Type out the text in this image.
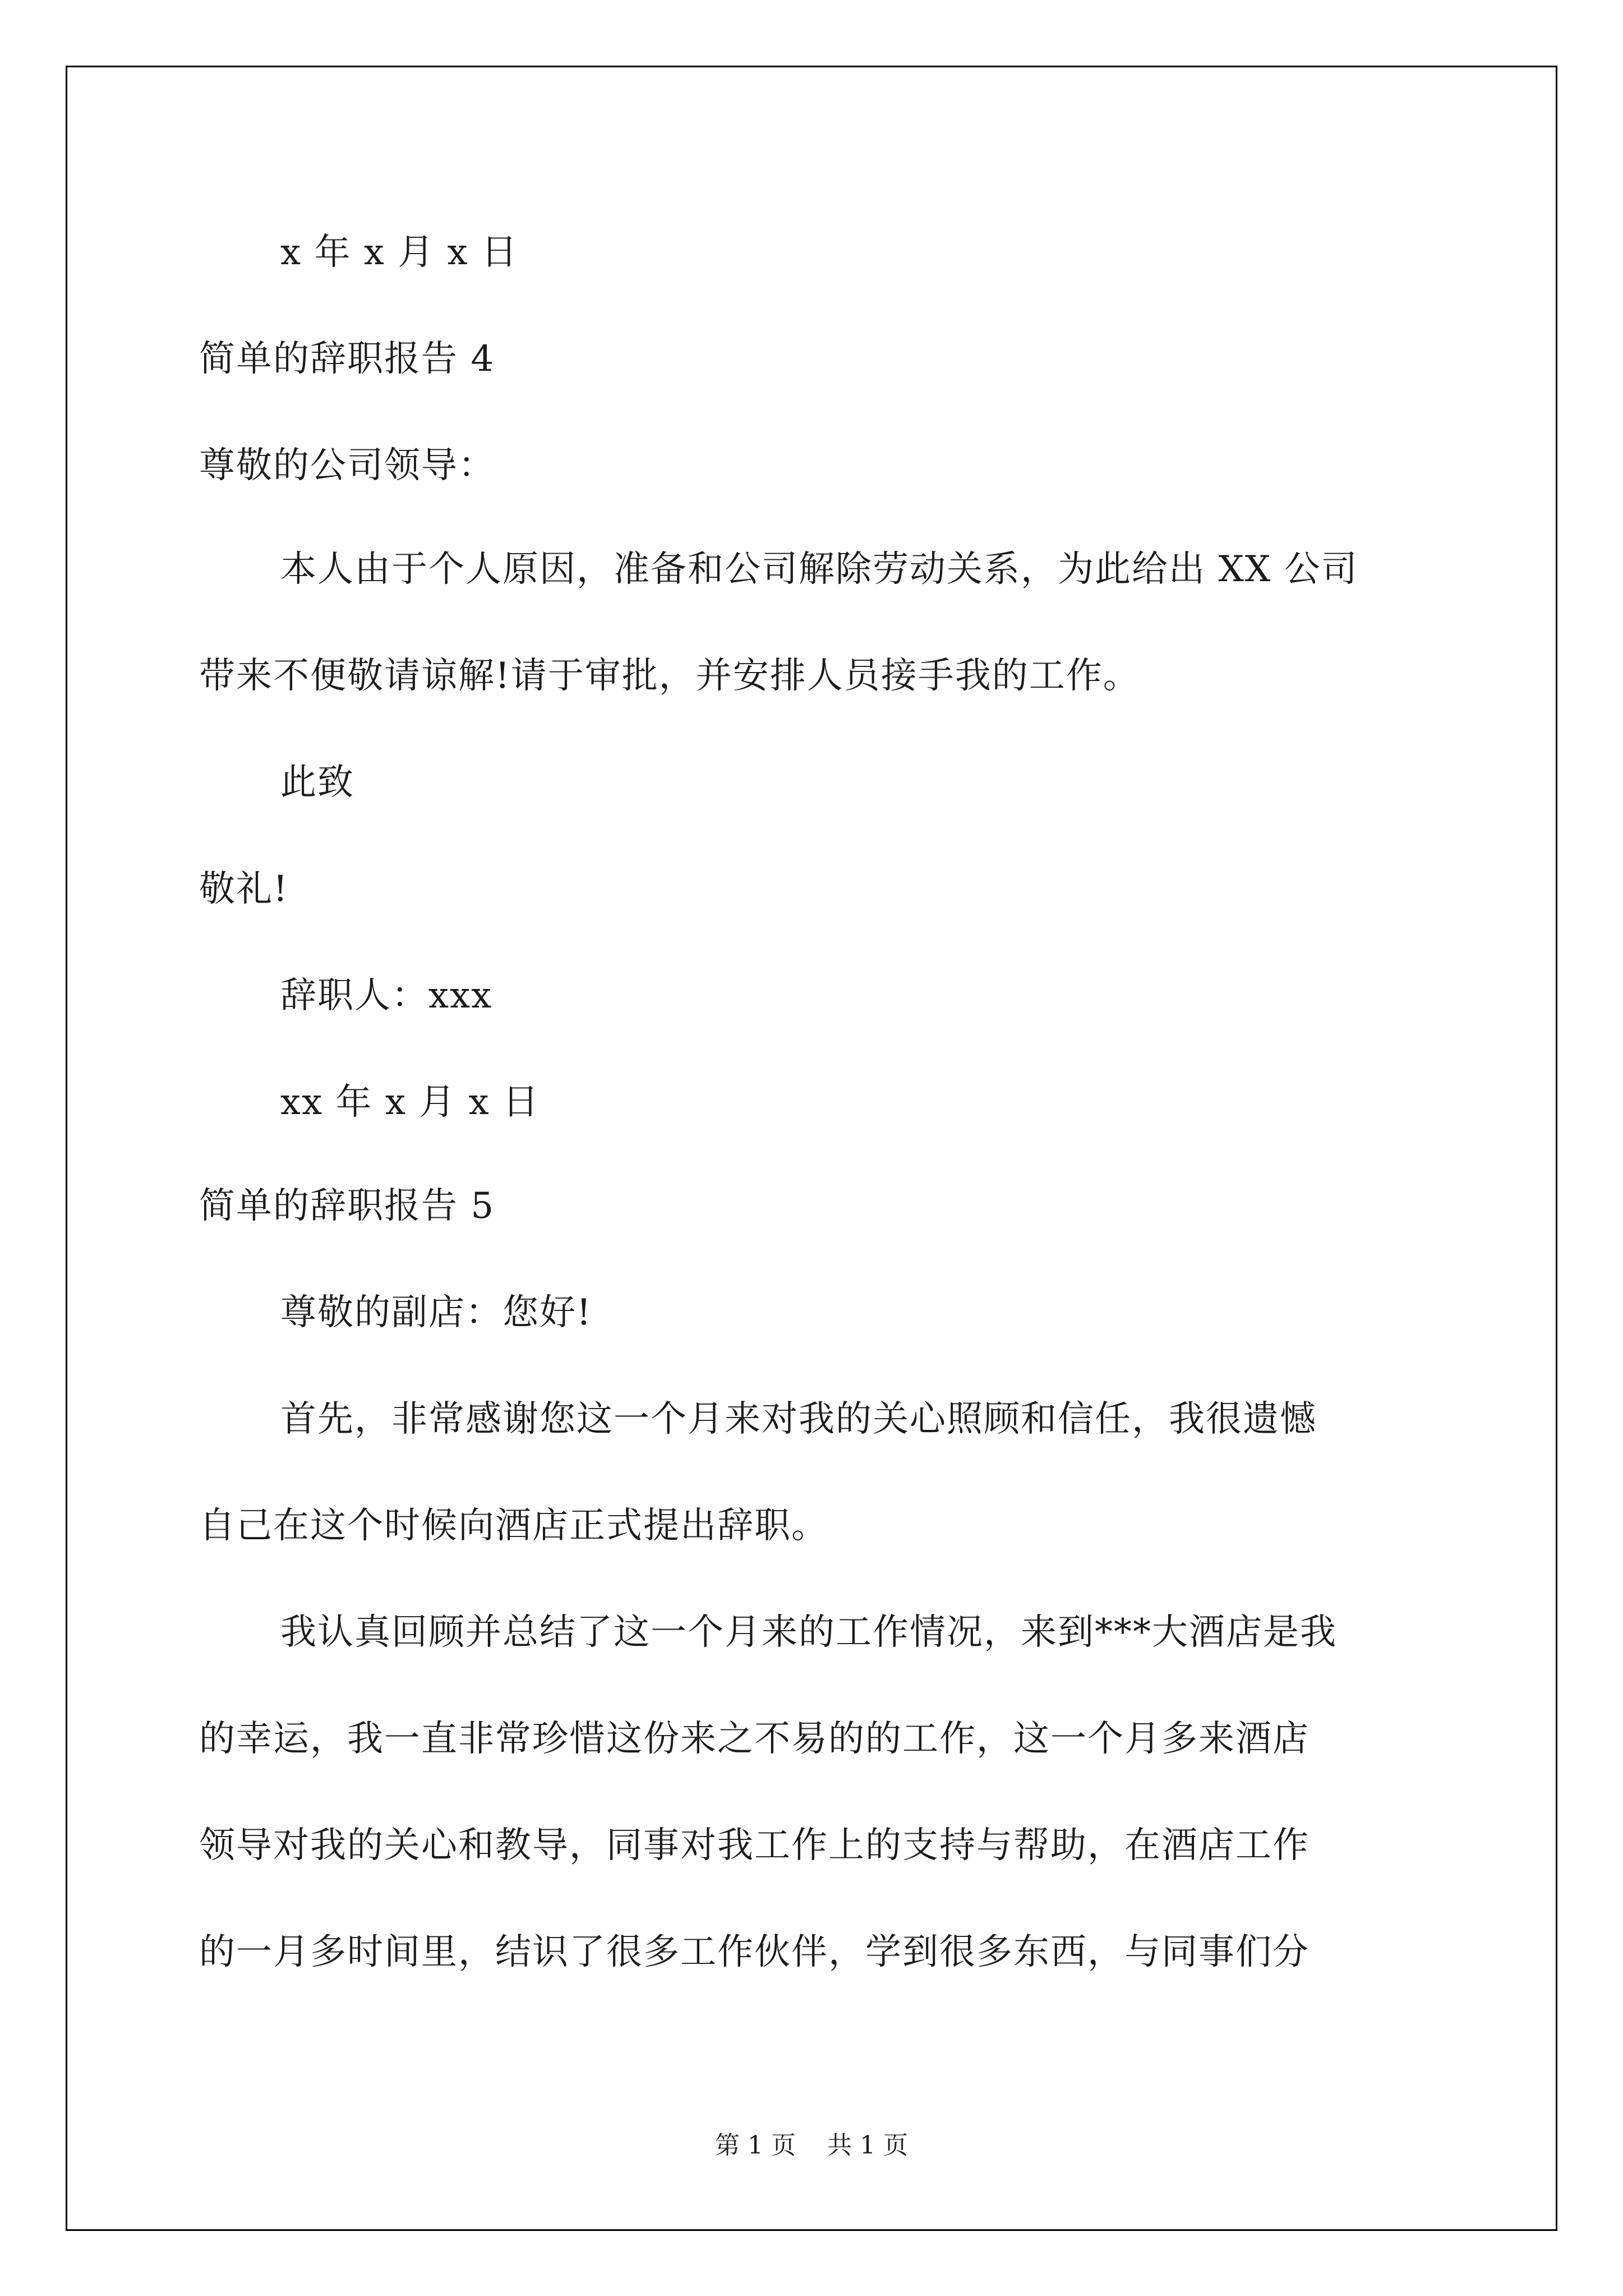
x 年 x 月 x 日
简单的辞职报告 4
尊敬的公司领导：
本人由于个人原因，准备和公司解除劳动关系，为此给出 XX 公司
带来不便敬请谅解!请于审批，并安排人员接手我的工作。
此致
敬礼!
辞职人：xxx
xx 年 x 月 x 日
简单的辞职报告 5
尊敬的副店：您好!
首先，非常感谢您这一个月来对我的关心照顾和信任，我很遗憾
自己在这个时候向酒店正式提出辞职。
我认真回顾并总结了这一个月来的工作情况，来到***大酒店是我
的幸运，我一直非常珍惜这份来之不易的的工作，这一个月多来酒店
领导对我的关心和教导，同事对我工作上的支持与帮助，在酒店工作
的一月多时间里，结识了很多工作伙伴，学到很多东西，与同事们分
第 1 页 共 1 页
